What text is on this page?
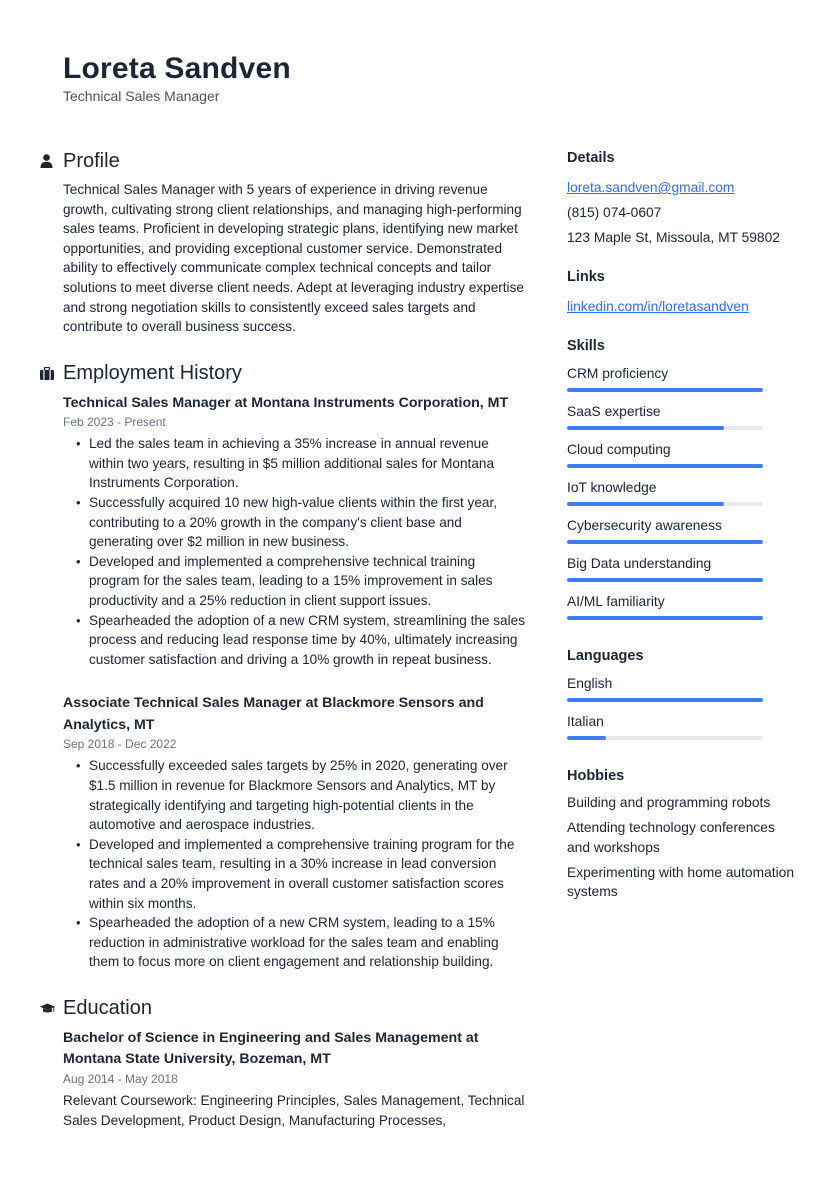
Loreta Sandven
Technical Sales Manager
Profile
Technical Sales Manager with 5 years of experience in driving revenue growth, cultivating strong client relationships, and managing high-performing sales teams. Proficient in developing strategic plans, identifying new market opportunities, and providing exceptional customer service. Demonstrated ability to effectively communicate complex technical concepts and tailor solutions to meet diverse client needs. Adept at leveraging industry expertise and strong negotiation skills to consistently exceed sales targets and contribute to overall business success.
Employment History
Technical Sales Manager at Montana Instruments Corporation, MT
Feb 2023 - Present
• Led the sales team in achieving a 35% increase in annual revenue within two years, resulting in $5 million additional sales for Montana Instruments Corporation.
• Successfully acquired 10 new high-value clients within the first year, contributing to a 20% growth in the company's client base and generating over $2 million in new business.
• Developed and implemented a comprehensive technical training program for the sales team, leading to a 15% improvement in sales productivity and a 25% reduction in client support issues.
• Spearheaded the adoption of a new CRM system, streamlining the sales process and reducing lead response time by 40%, ultimately increasing customer satisfaction and driving a 10% growth in repeat business.
Associate Technical Sales Manager at Blackmore Sensors and Analytics, MT
Sep 2018 - Dec 2022
• Successfully exceeded sales targets by 25% in 2020, generating over $1.5 million in revenue for Blackmore Sensors and Analytics, MT by strategically identifying and targeting high-potential clients in the automotive and aerospace industries.
• Developed and implemented a comprehensive training program for the technical sales team, resulting in a 30% increase in lead conversion rates and a 20% improvement in overall customer satisfaction scores within six months.
• Spearheaded the adoption of a new CRM system, leading to a 15% reduction in administrative workload for the sales team and enabling them to focus more on client engagement and relationship building.
Education
Bachelor of Science in Engineering and Sales Management at Montana State University, Bozeman, MT
Aug 2014 - May 2018
Relevant Coursework: Engineering Principles, Sales Management, Technical Sales Development, Product Design, Manufacturing Processes,
Details
loreta.sandven@gmail.com
(815) 074-0607
123 Maple St, Missoula, MT 59802
Links
linkedin.com/in/loretasandven
Skills
CRM proficiency
SaaS expertise
Cloud computing
IoT knowledge
Cybersecurity awareness
Big Data understanding
AI/ML familiarity
Languages
English
Italian
Hobbies
Building and programming robots
Attending technology conferences and workshops
Experimenting with home automation systems
